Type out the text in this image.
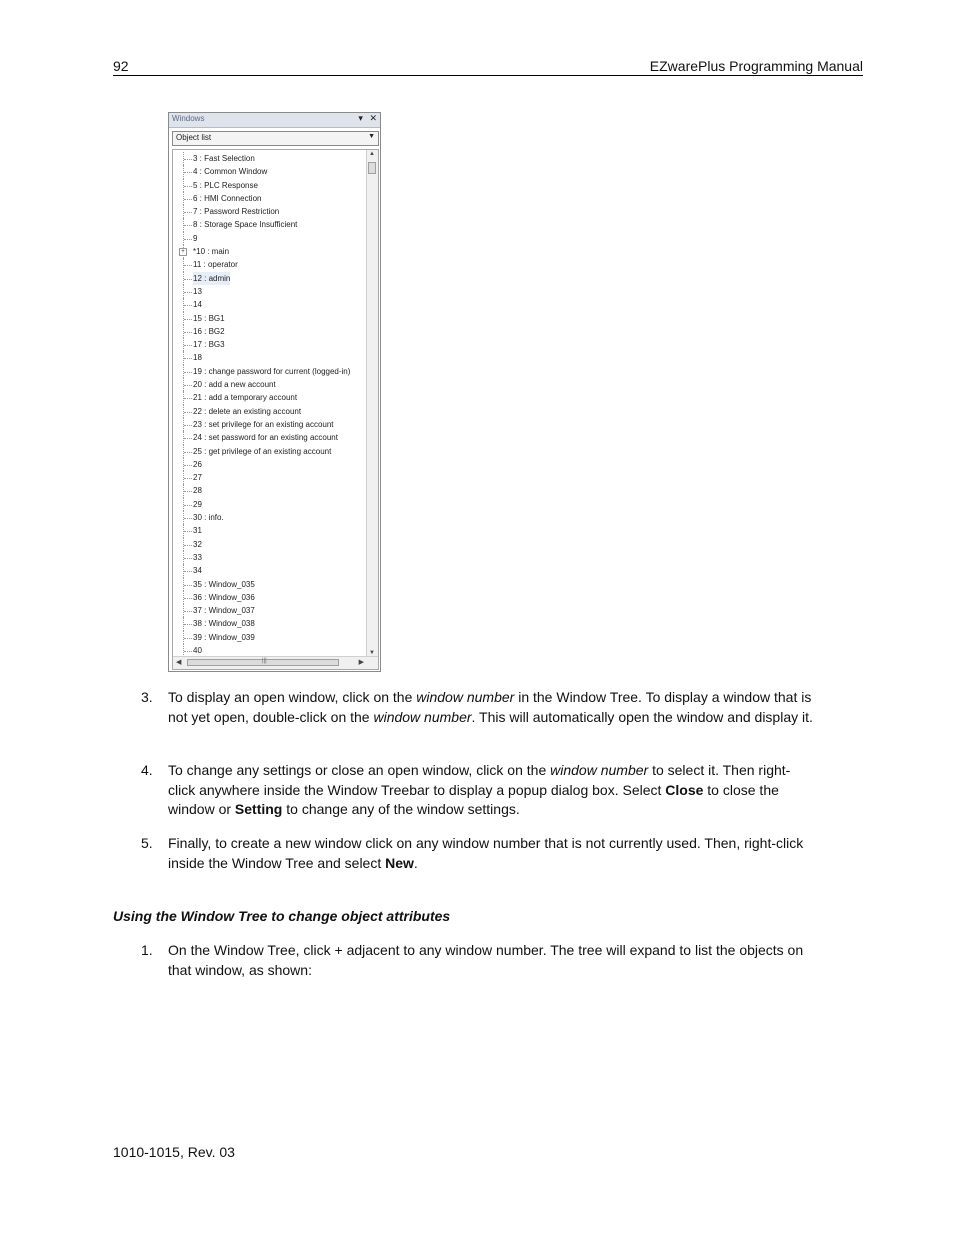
92	EZwarePlus Programming Manual
Windows	▾ ✕
Object list	▼
3 : Fast Selection
4 : Common Window
5 : PLC Response
6 : HMI Connection
7 : Password Restriction
8 : Storage Space Insufficient
9
+ *10 : main
11 : operator
12 : admin
13
14
15 : BG1
16 : BG2
17 : BG3
18
19 : change password for current (logged-in)
20 : add a new account
21 : add a temporary account
22 : delete an existing account
23 : set privilege for an existing account
24 : set password for an existing account
25 : get privilege of an existing account
26
27
28
29
30 : info.
31
32
33
34
35 : Window_035
36 : Window_036
37 : Window_037
38 : Window_038
39 : Window_039
40
▲
▼
◀	|||	▶
3. To display an open window, click on the window number in the Window Tree. To display a window that is not yet open, double-click on the window number. This will automatically open the window and display it.
4. To change any settings or close an open window, click on the window number to select it. Then right-click anywhere inside the Window Treebar to display a popup dialog box. Select Close to close the window or Setting to change any of the window settings.
5. Finally, to create a new window click on any window number that is not currently used. Then, right-click inside the Window Tree and select New.
Using the Window Tree to change object attributes
1. On the Window Tree, click + adjacent to any window number. The tree will expand to list the objects on that window, as shown:
1010-1015, Rev. 03
